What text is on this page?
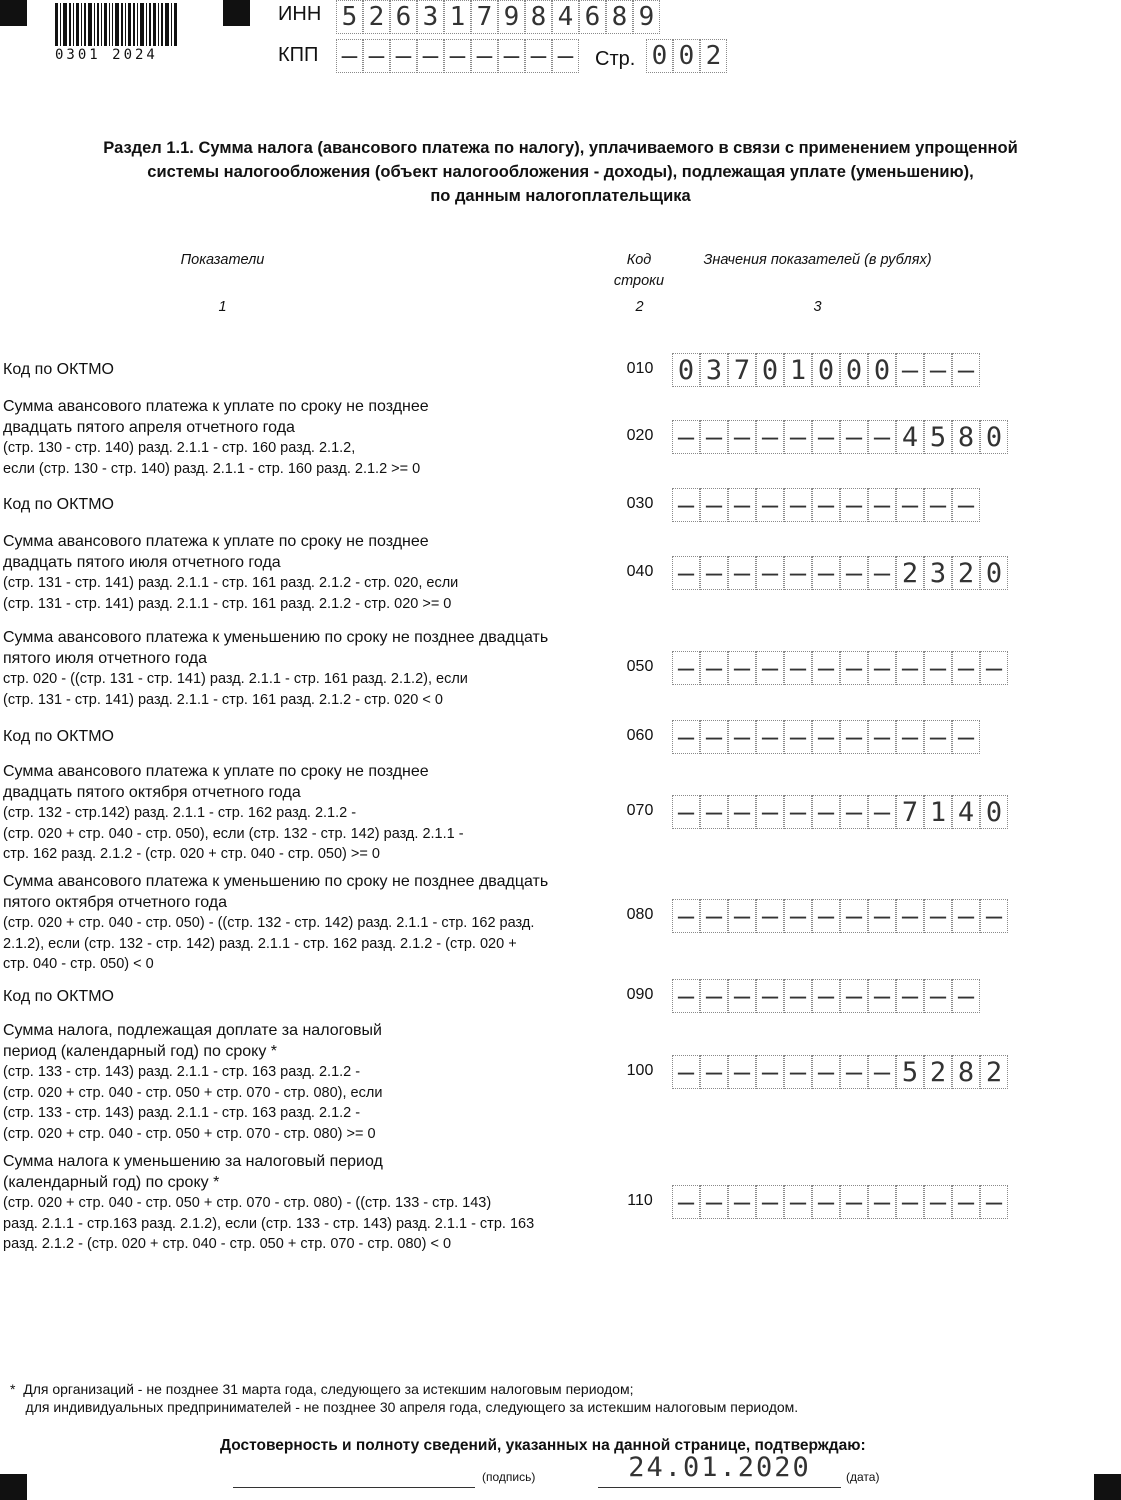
0301 2024
ИНН 5 2 6 3 1 7 9 8 4 6 8 9
КПП – – – – – – – – – Стр. 0 0 2
Раздел 1.1. Сумма налога (авансового платежа по налогу), уплачиваемого в связи с применением упрощенной
системы налогообложения (объект налогообложения - доходы), подлежащая уплате (уменьшению),
по данным налогоплательщика
Показатели	Код
строки
Значения показателей (в рублях)
1	2	3
Код по ОКТМО	010 0 3 7 0 1 0 0 0 – – –
Сумма авансового платежа к уплате по сроку не позднее
двадцать пятого апреля отчетного года
(стр. 130 - стр. 140) разд. 2.1.1 - стр. 160 разд. 2.1.2,
если (стр. 130 - стр. 140) разд. 2.1.1 - стр. 160 разд. 2.1.2 >= 0
020 – – – – – – – – 4 5 8 0
Код по ОКТМО	030 – – – – – – – – – – –
Сумма авансового платежа к уплате по сроку не позднее
двадцать пятого июля отчетного года
(стр. 131 - стр. 141) разд. 2.1.1 - стр. 161 разд. 2.1.2 - стр. 020, если
(стр. 131 - стр. 141) разд. 2.1.1 - стр. 161 разд. 2.1.2 - стр. 020 >= 0
040 – – – – – – – – 2 3 2 0
Сумма авансового платежа к уменьшению по сроку не позднее двадцать
пятого июля отчетного года
стр. 020 - ((стр. 131 - стр. 141) разд. 2.1.1 - стр. 161 разд. 2.1.2), если
(стр. 131 - стр. 141) разд. 2.1.1 - стр. 161 разд. 2.1.2 - стр. 020 < 0
050 – – – – – – – – – – – –
Код по ОКТМО	060 – – – – – – – – – – –
Сумма авансового платежа к уплате по сроку не позднее
двадцать пятого октября отчетного года
(стр. 132 - стр.142) разд. 2.1.1 - стр. 162 разд. 2.1.2 -
(стр. 020 + стр. 040 - стр. 050), если (стр. 132 - стр. 142) разд. 2.1.1 -
стр. 162 разд. 2.1.2 - (стр. 020 + стр. 040 - стр. 050) >= 0
070 – – – – – – – – 7 1 4 0
Сумма авансового платежа к уменьшению по сроку не позднее двадцать
пятого октября отчетного года
(стр. 020 + стр. 040 - стр. 050) - ((стр. 132 - стр. 142) разд. 2.1.1 - стр. 162 разд.
2.1.2), если (стр. 132 - стр. 142) разд. 2.1.1 - стр. 162 разд. 2.1.2 - (стр. 020 +
стр. 040 - стр. 050) < 0
080 – – – – – – – – – – – –
Код по ОКТМО	090 – – – – – – – – – – –
Сумма налога, подлежащая доплате за налоговый
период (календарный год) по сроку *
(стр. 133 - стр. 143) разд. 2.1.1 - стр. 163 разд. 2.1.2 -
(стр. 020 + стр. 040 - стр. 050 + стр. 070 - стр. 080), если
(стр. 133 - стр. 143) разд. 2.1.1 - стр. 163 разд. 2.1.2 -
(стр. 020 + стр. 040 - стр. 050 + стр. 070 - стр. 080) >= 0
100 – – – – – – – – 5 2 8 2
Сумма налога к уменьшению за налоговый период
(календарный год) по сроку *
(стр. 020 + стр. 040 - стр. 050 + стр. 070 - стр. 080) - ((стр. 133 - стр. 143)
разд. 2.1.1 - стр.163 разд. 2.1.2), если (стр. 133 - стр. 143) разд. 2.1.1 - стр. 163
разд. 2.1.2 - (стр. 020 + стр. 040 - стр. 050 + стр. 070 - стр. 080) < 0
110 – – – – – – – – – – – –
*  Для организаций - не позднее 31 марта года, следующего за истекшим налоговым периодом;
для индивидуальных предпринимателей - не позднее 30 апреля года, следующего за истекшим налоговым периодом.
Достоверность и полноту сведений, указанных на данной странице, подтверждаю:
(подпись)	24.01.2020	(дата)
